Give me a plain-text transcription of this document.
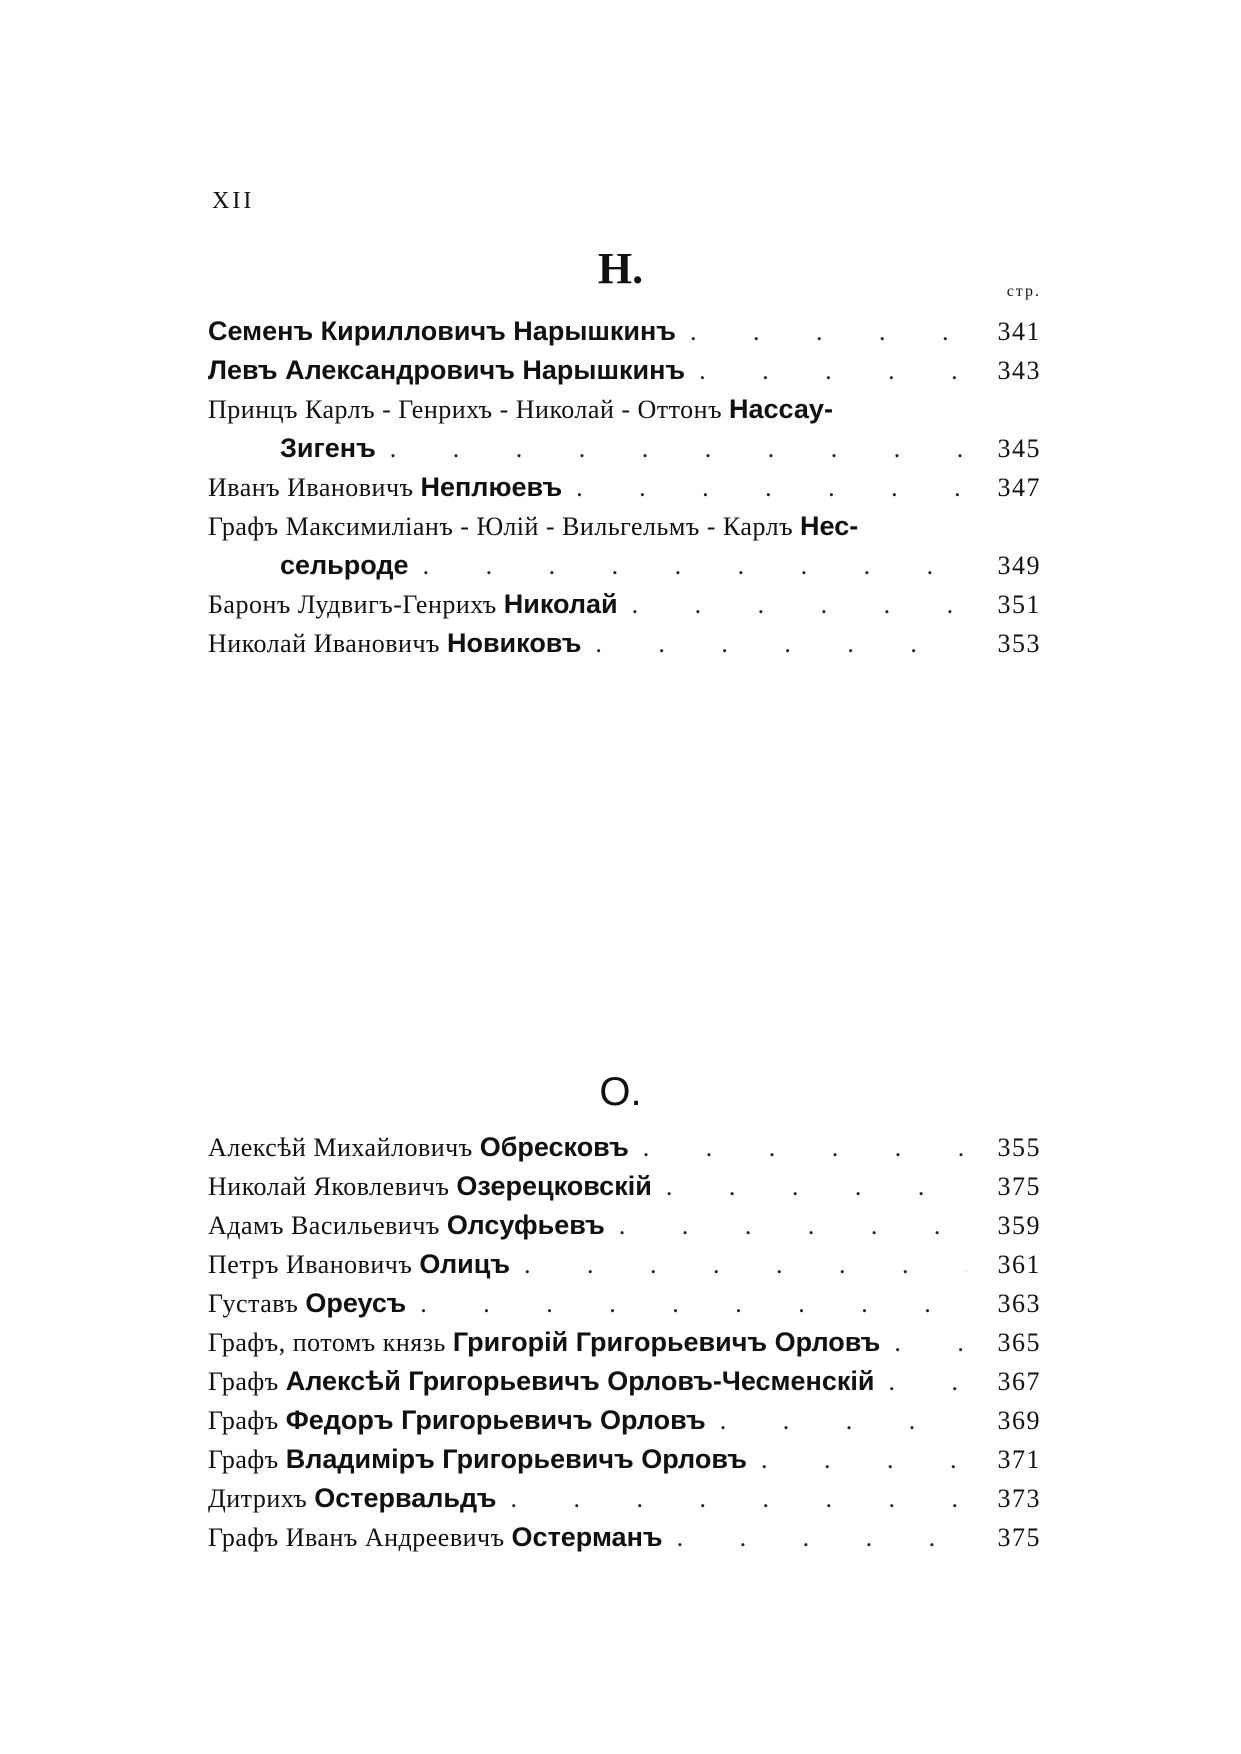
XII
Н.	стр.
Семенъ Кирилловичъ Нарышкинъ . . .	341
Левъ Александровичъ Нарышкинъ . . .	343
Принцъ Карлъ - Генрихъ - Николай - Оттонъ Нассау-
Зигенъ . . .	345
Иванъ Ивановичъ Неплюевъ . . .	347
Графъ Максимиліанъ - Юлій - Вильгельмъ - Карлъ Нес-
сельроде . . .	349
Баронъ Лудвигъ-Генрихъ Николай . . .	351
Николай Ивановичъ Новиковъ . . .	353
О.
Алексѣй Михайловичъ Обресковъ . . .	355
Николай Яковлевичъ Озерецковскій . . .	375
Адамъ Васильевичъ Олсуфьевъ . . .	359
Петръ Ивановичъ Олицъ . . .	361
Густавъ Ореусъ . . .	363
Графъ, потомъ князь Григорій Григорьевичъ Орловъ . . .	365
Графъ Алексѣй Григорьевичъ Орловъ-Чесменскій . . .	367
Графъ Федоръ Григорьевичъ Орловъ . . .	369
Графъ Владиміръ Григорьевичъ Орловъ . . .	371
Дитрихъ Остервальдъ . . .	373
Графъ Иванъ Андреевичъ Остерманъ . . .	375
